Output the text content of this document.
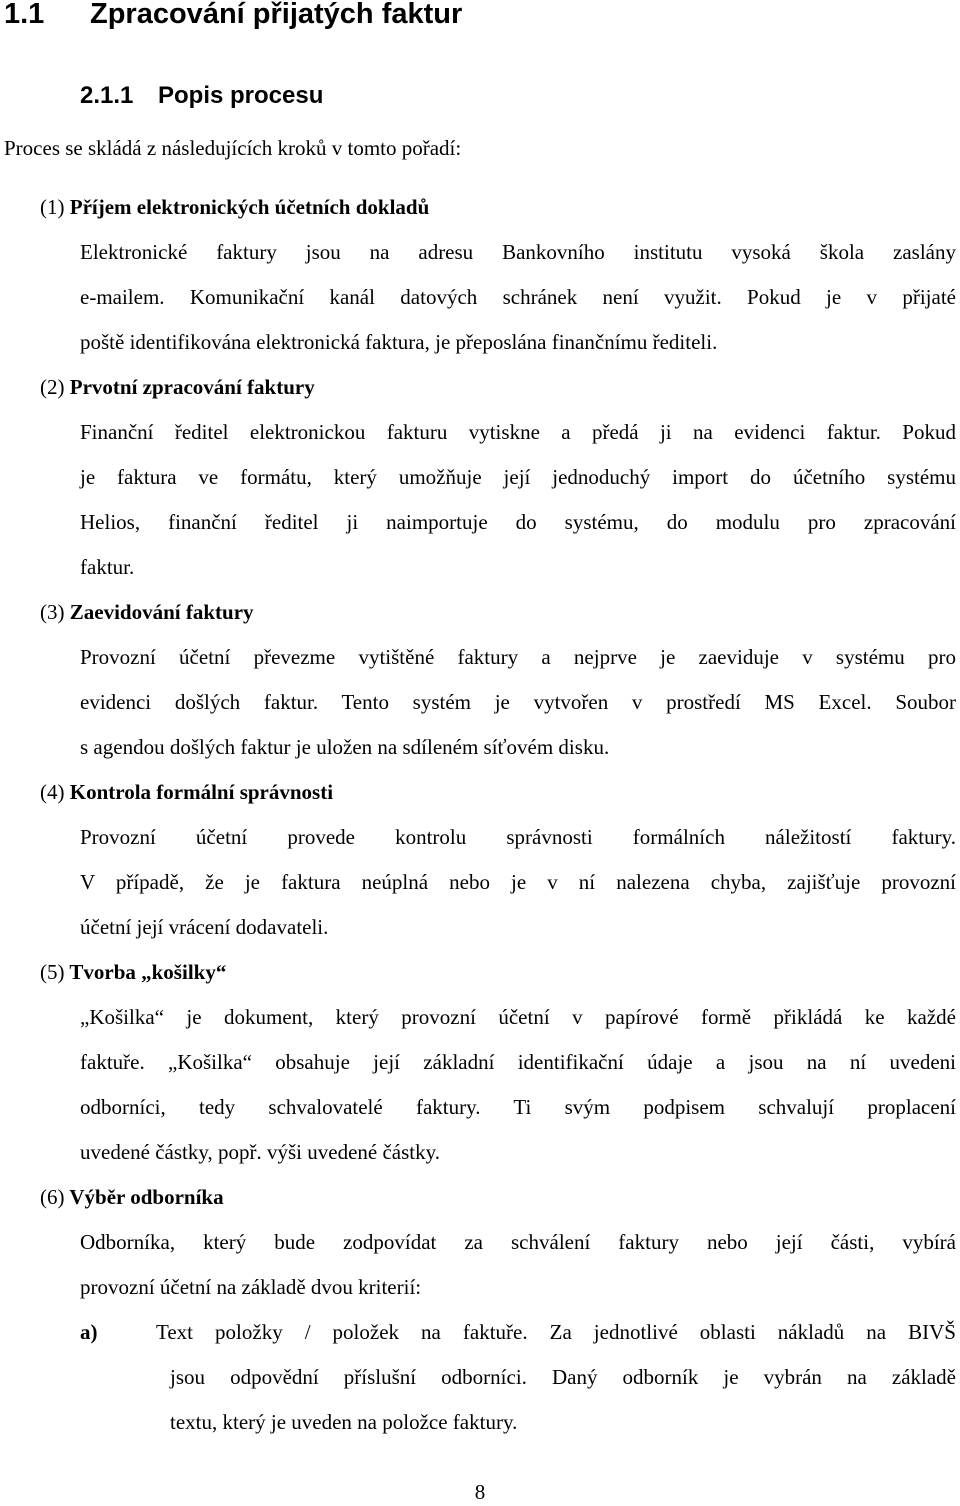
1.1 Zpracování přijatých faktur
2.1.1 Popis procesu
Proces se skládá z následujících kroků v tomto pořadí:
(1) Příjem elektronických účetních dokladů
Elektronické faktury jsou na adresu Bankovního institutu vysoká škola zaslány
e-mailem. Komunikační kanál datových schránek není využit. Pokud je v přijaté
poště identifikována elektronická faktura, je přeposlána finančnímu řediteli.
(2) Prvotní zpracování faktury
Finanční ředitel elektronickou fakturu vytiskne a předá ji na evidenci faktur. Pokud
je faktura ve formátu, který umožňuje její jednoduchý import do účetního systému
Helios, finanční ředitel ji naimportuje do systému, do modulu pro zpracování
faktur.
(3) Zaevidování faktury
Provozní účetní převezme vytištěné faktury a nejprve je zaeviduje v systému pro
evidenci došlých faktur. Tento systém je vytvořen v prostředí MS Excel. Soubor
s agendou došlých faktur je uložen na sdíleném síťovém disku.
(4) Kontrola formální správnosti
Provozní účetní provede kontrolu správnosti formálních náležitostí faktury.
V případě, že je faktura neúplná nebo je v ní nalezena chyba, zajišťuje provozní
účetní její vrácení dodavateli.
(5) Tvorba „košilky“
„Košilka“ je dokument, který provozní účetní v papírové formě přikládá ke každé
faktuře. „Košilka“ obsahuje její základní identifikační údaje a jsou na ní uvedeni
odborníci, tedy schvalovatelé faktury. Ti svým podpisem schvalují proplacení
uvedené částky, popř. výši uvedené částky.
(6) Výběr odborníka
Odborníka, který bude zodpovídat za schválení faktury nebo její části, vybírá
provozní účetní na základě dvou kriterií:
a)	Text položky / položek na faktuře. Za jednotlivé oblasti nákladů na BIVŠ
jsou odpovědní příslušní odborníci. Daný odborník je vybrán na základě
textu, který je uveden na položce faktury.
8
